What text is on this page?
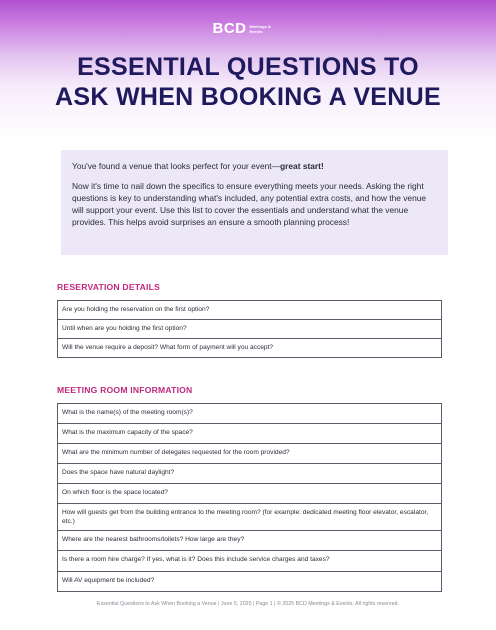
BCD Meetings & Events
ESSENTIAL QUESTIONS TO
ASK WHEN BOOKING A VENUE

You've found a venue that looks perfect for your event—great start!

Now it's time to nail down the specifics to ensure everything meets your needs. Asking the right questions is key to understanding what's included, any potential extra costs, and how the venue will support your event. Use this list to cover the essentials and understand what the venue provides. This helps avoid surprises an ensure a smooth planning process!

RESERVATION DETAILS
Are you holding the reservation on the first option?
Until when are you holding the first option?
Will the venue require a deposit? What form of payment will you accept?
MEETING ROOM INFORMATION
What is the name(s) of the meeting room(s)?
What is the maximum capacity of the space?
What are the minimum number of delegates requested for the room provided?
Does the space have natural daylight?
On which floor is the space located?
How will guests get from the building entrance to the meeting room? (for example: dedicated meeting floor elevator, escalator, etc.)
Where are the nearest bathrooms/toilets? How large are they?
Is there a room hire charge? If yes, what is it? Does this include service charges and taxes?
Will AV equipment be included?
Essential Questions to Ask When Booking a Venue | June 5, 2025 | Page 1 | © 2025 BCD Meetings & Events. All rights reserved.
